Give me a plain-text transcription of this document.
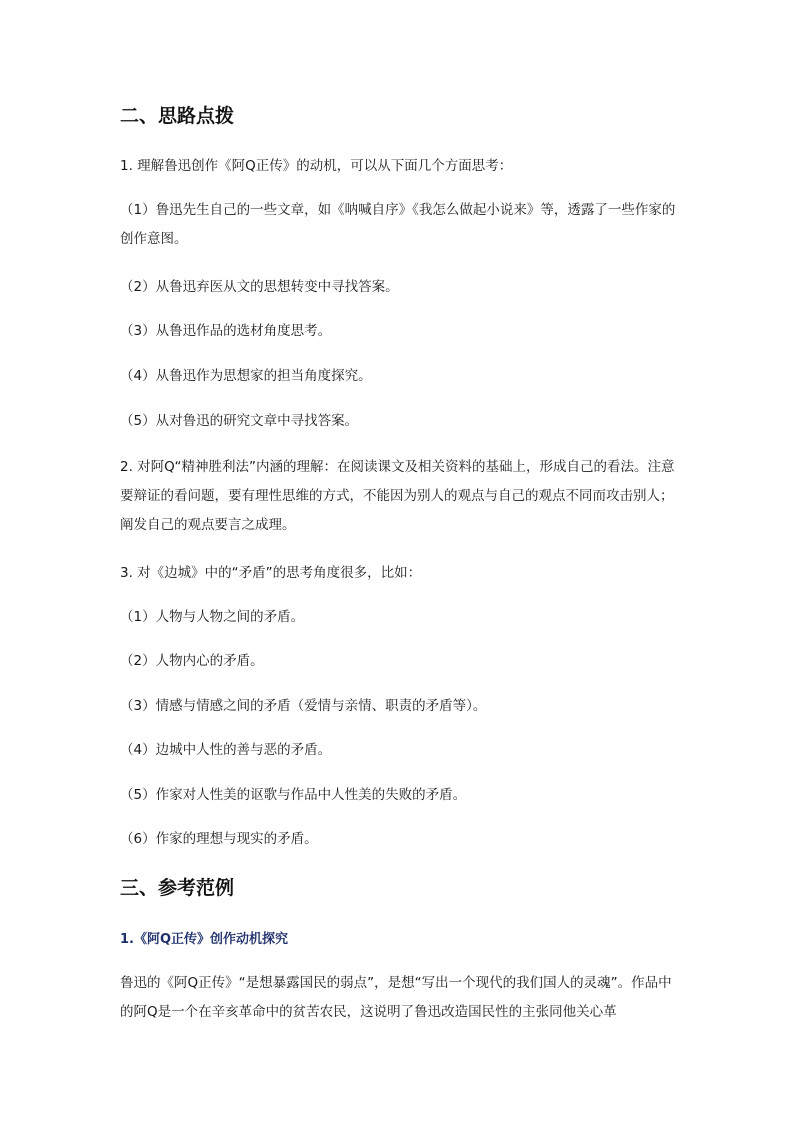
二、思路点拨
1. 理解鲁迅创作《阿Q正传》的动机，可以从下面几个方面思考：
（1）鲁迅先生自己的一些文章，如《呐喊自序》《我怎么做起小说来》等，透露了一些作家的创作意图。
（2）从鲁迅弃医从文的思想转变中寻找答案。
（3）从鲁迅作品的选材角度思考。
（4）从鲁迅作为思想家的担当角度探究。
（5）从对鲁迅的研究文章中寻找答案。
2. 对阿Q“精神胜利法”内涵的理解：在阅读课文及相关资料的基础上，形成自己的看法。注意要辩证的看问题，要有理性思维的方式，不能因为别人的观点与自己的观点不同而攻击别人；阐发自己的观点要言之成理。
3. 对《边城》中的“矛盾”的思考角度很多，比如：
（1）人物与人物之间的矛盾。
（2）人物内心的矛盾。
（3）情感与情感之间的矛盾（爱情与亲情、职责的矛盾等）。
（4）边城中人性的善与恶的矛盾。
（5）作家对人性美的讴歌与作品中人性美的失败的矛盾。
（6）作家的理想与现实的矛盾。
三、参考范例
1.《阿Q正传》创作动机探究
鲁迅的《阿Q正传》“是想暴露国民的弱点”，是想“写出一个现代的我们国人的灵魂”。作品中的阿Q是一个在辛亥革命中的贫苦农民，这说明了鲁迅改造国民性的主张同他关心革
